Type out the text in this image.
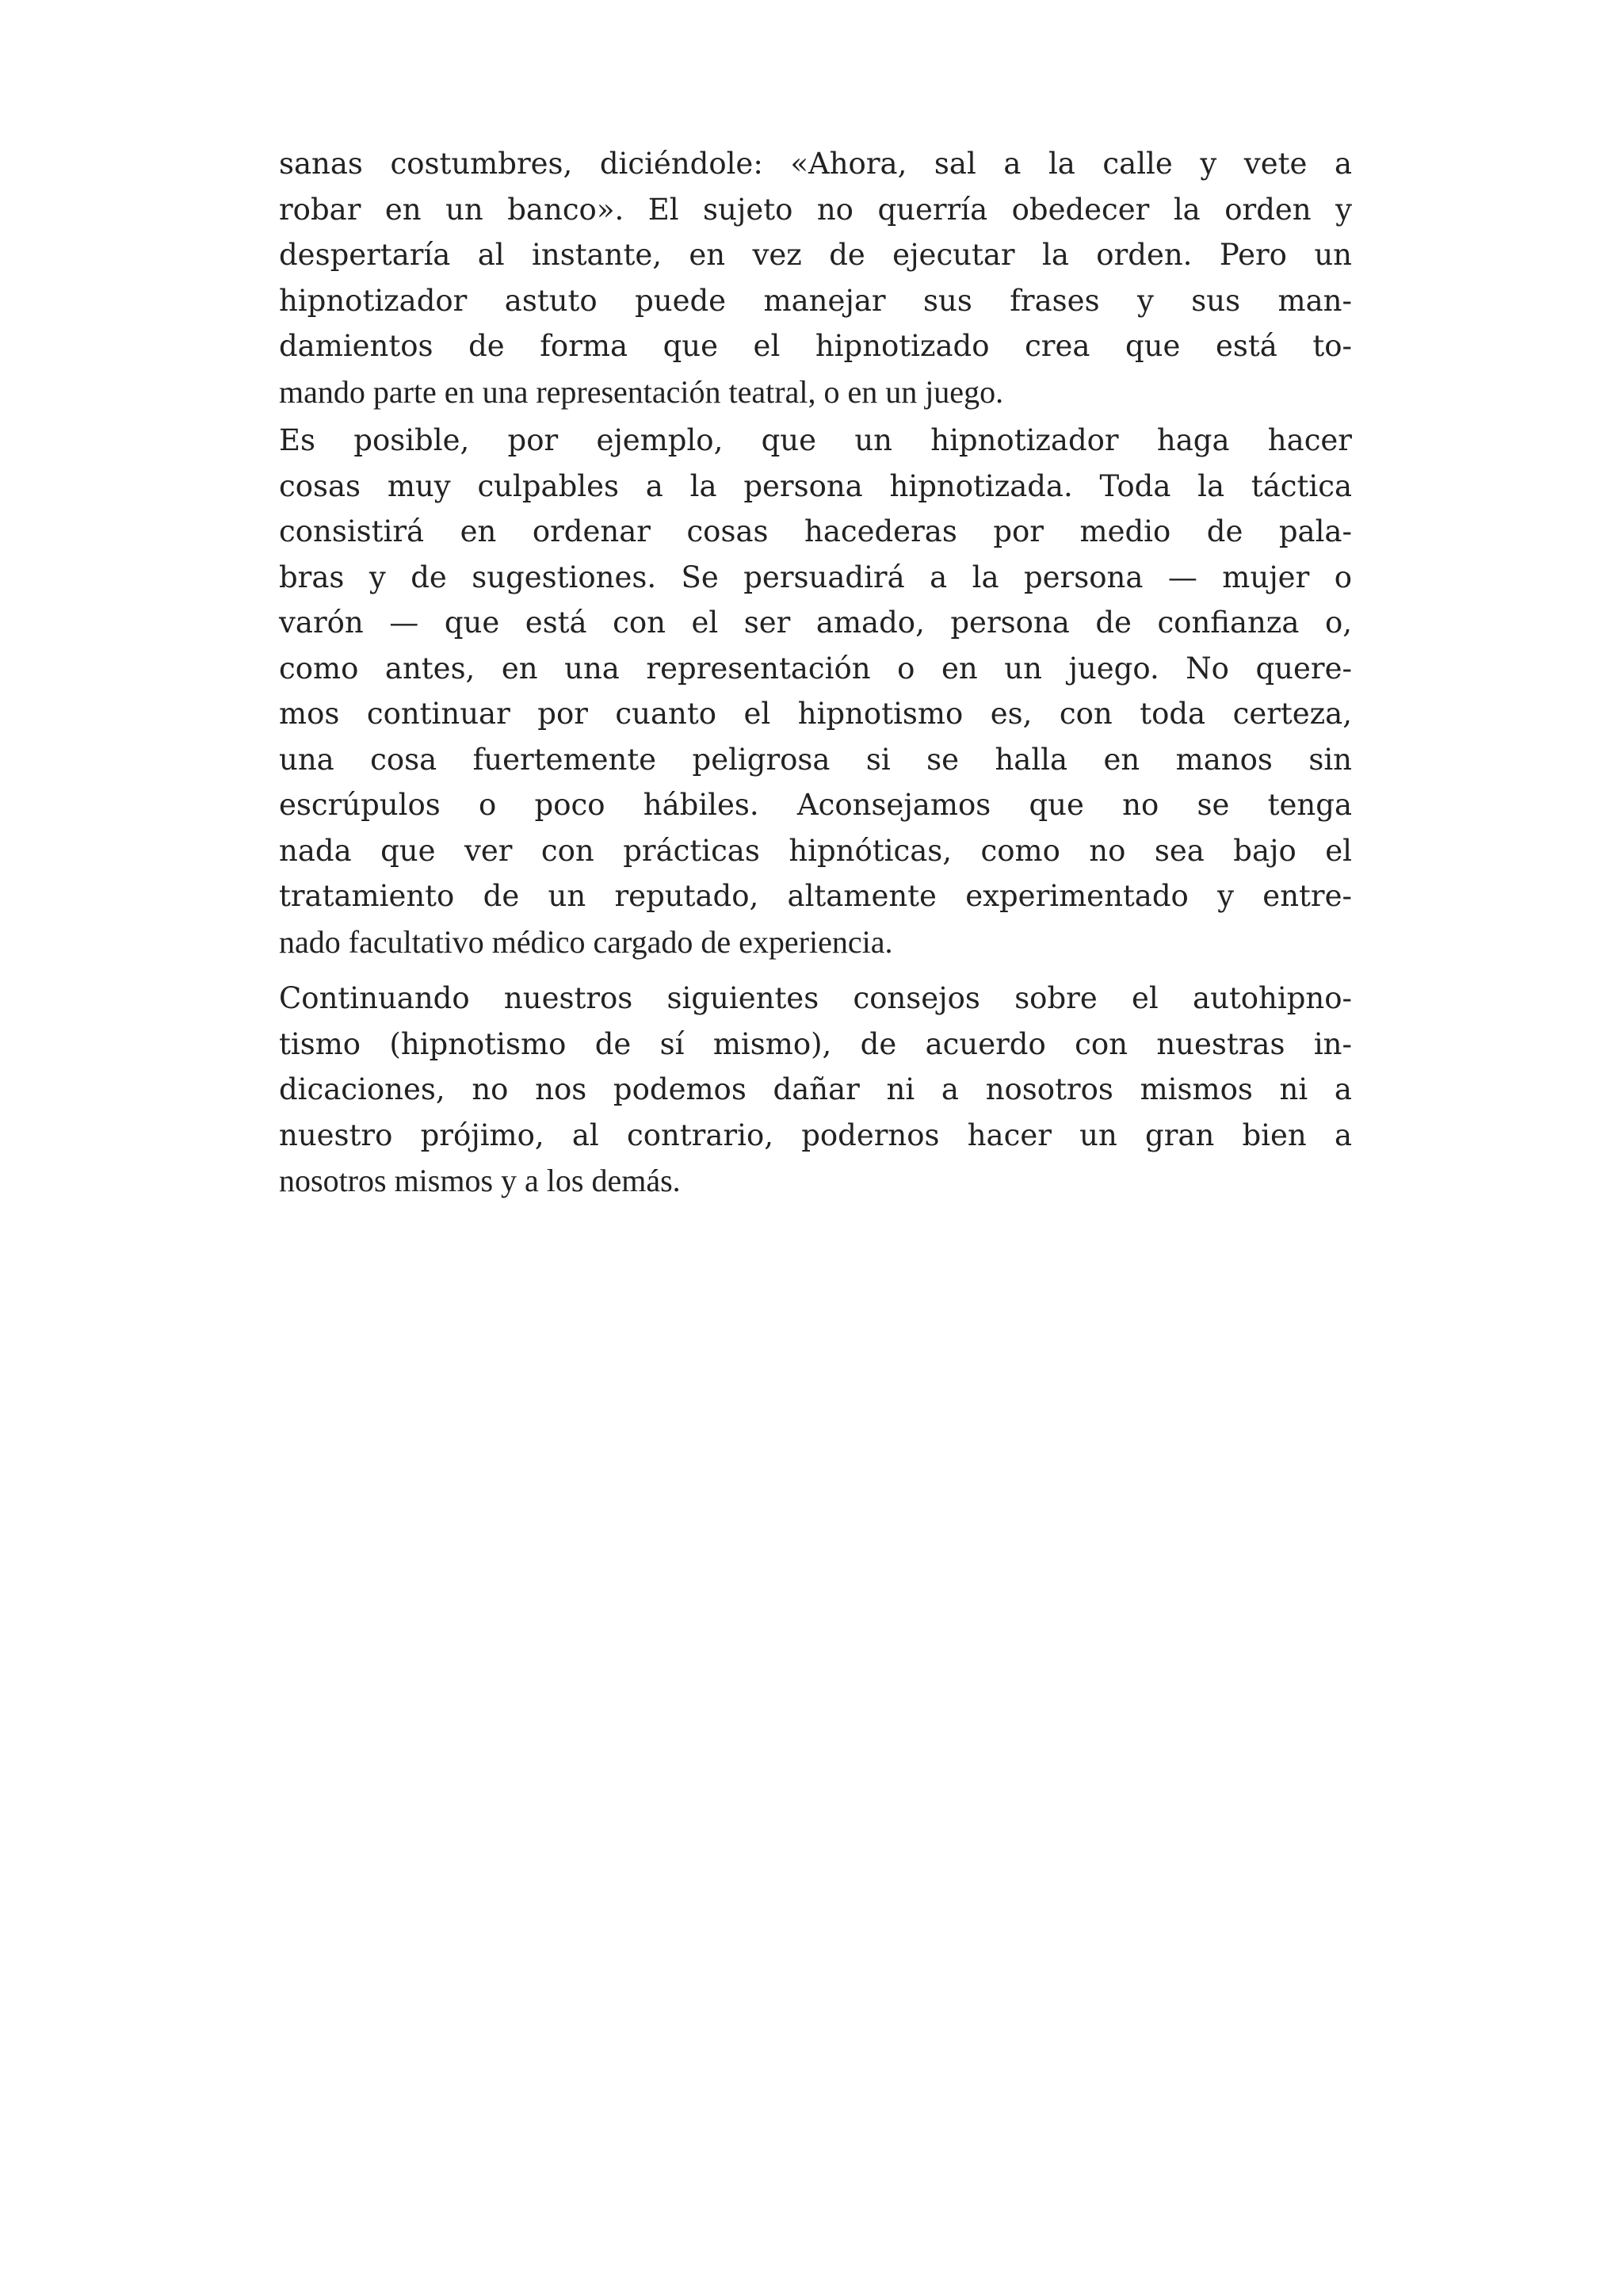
sanas costumbres, diciéndole: «Ahora, sal a la calle y vete a
robar en un banco». El sujeto no querría obedecer la orden y
despertaría al instante, en vez de ejecutar la orden. Pero un
hipnotizador astuto puede manejar sus frases y sus man-
damientos de forma que el hipnotizado crea que está to-
mando parte en una representación teatral, o en un juego.
Es posible, por ejemplo, que un hipnotizador haga hacer
cosas muy culpables a la persona hipnotizada. Toda la táctica
consistirá en ordenar cosas hacederas por medio de pala-
bras y de sugestiones. Se persuadirá a la persona — mujer o
varón — que está con el ser amado, persona de confianza o,
como antes, en una representación o en un juego. No quere-
mos continuar por cuanto el hipnotismo es, con toda certeza,
una cosa fuertemente peligrosa si se halla en manos sin
escrúpulos o poco hábiles. Aconsejamos que no se tenga
nada que ver con prácticas hipnóticas, como no sea bajo el
tratamiento de un reputado, altamente experimentado y entre-
nado facultativo médico cargado de experiencia.
Continuando nuestros siguientes consejos sobre el autohipno-
tismo (hipnotismo de sí mismo), de acuerdo con nuestras in-
dicaciones, no nos podemos dañar ni a nosotros mismos ni a
nuestro prójimo, al contrario, podernos hacer un gran bien a
nosotros mismos y a los demás.
